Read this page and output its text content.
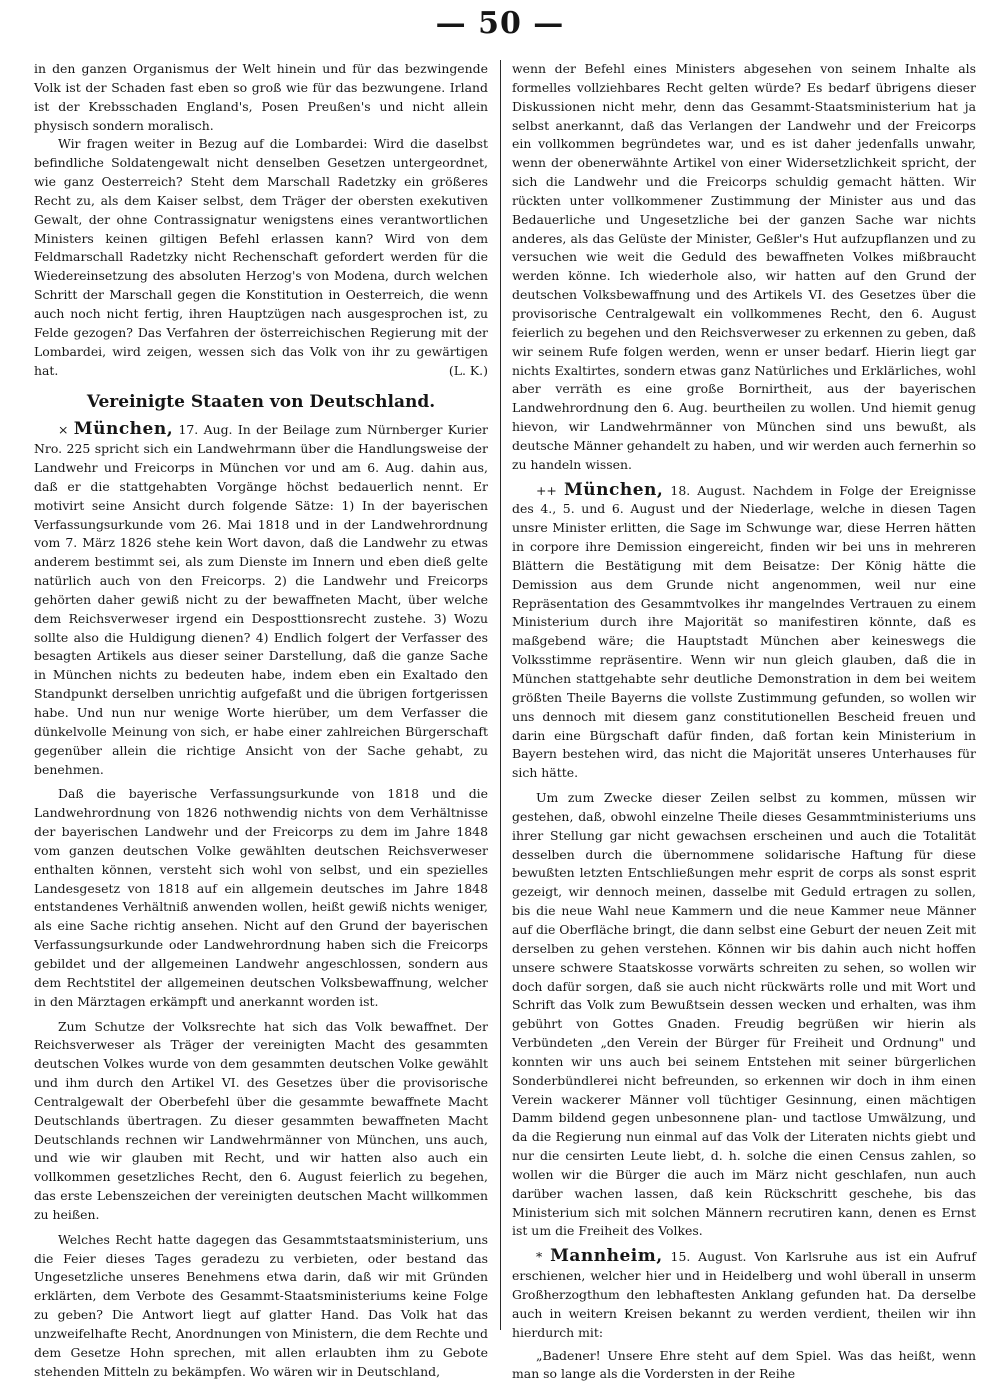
— 50 —

in den ganzen Organismus der Welt hinein und für das bezwingende Volk ist der Schaden fast eben so groß wie für das bezwungene. Irland ist der Krebsschaden England's, Posen Preußen's und nicht allein physisch sondern moralisch.

Wir fragen weiter in Bezug auf die Lombardei: Wird die daselbst befindliche Soldatengewalt nicht denselben Gesetzen untergeordnet, wie ganz Oesterreich? Steht dem Marschall Radetzky ein größeres Recht zu, als dem Kaiser selbst, dem Träger der obersten exekutiven Gewalt, der ohne Contrassignatur wenigstens eines verantwortlichen Ministers keinen giltigen Befehl erlassen kann? Wird von dem Feldmarschall Radetzky nicht Rechenschaft gefordert werden für die Wiedereinsetzung des absoluten Herzog's von Modena, durch welchen Schritt der Marschall gegen die Konstitution in Oesterreich, die wenn auch noch nicht fertig, ihren Hauptzügen nach ausgesprochen ist, zu Felde gezogen? Das Verfahren der österreichischen Regierung mit der Lombardei, wird zeigen, wessen sich das Volk von ihr zu gewärtigen hat.	(L. K.)
Vereinigte Staaten von Deutschland.

× München, 17. Aug. In der Beilage zum Nürnberger Kurier Nro. 225 spricht sich ein Landwehrmann über die Handlungsweise der Landwehr und Freicorps in München vor und am 6. Aug. dahin aus, daß er die stattgehabten Vorgänge höchst bedauerlich nennt. Er motivirt seine Ansicht durch folgende Sätze: 1) In der bayerischen Verfassungsurkunde vom 26. Mai 1818 und in der Landwehrordnung vom 7. März 1826 stehe kein Wort davon, daß die Landwehr zu etwas anderem bestimmt sei, als zum Dienste im Innern und eben dieß gelte natürlich auch von den Freicorps. 2) die Landwehr und Freicorps gehörten daher gewiß nicht zu der bewaffneten Macht, über welche dem Reichsverweser irgend ein Desposttionsrecht zustehe. 3) Wozu sollte also die Huldigung dienen? 4) Endlich folgert der Verfasser des besagten Artikels aus dieser seiner Darstellung, daß die ganze Sache in München nichts zu bedeuten habe, indem eben ein Exaltado den Standpunkt derselben unrichtig aufgefaßt und die übrigen fortgerissen habe. Und nun nur wenige Worte hierüber, um dem Verfasser die dünkelvolle Meinung von sich, er habe einer zahlreichen Bürgerschaft gegenüber allein die richtige Ansicht von der Sache gehabt, zu benehmen.

Daß die bayerische Verfassungsurkunde von 1818 und die Landwehrordnung von 1826 nothwendig nichts von dem Verhältnisse der bayerischen Landwehr und der Freicorps zu dem im Jahre 1848 vom ganzen deutschen Volke gewählten deutschen Reichsverweser enthalten können, versteht sich wohl von selbst, und ein spezielles Landesgesetz von 1818 auf ein allgemein deutsches im Jahre 1848 entstandenes Verhältniß anwenden wollen, heißt gewiß nichts weniger, als eine Sache richtig ansehen. Nicht auf den Grund der bayerischen Verfassungsurkunde oder Landwehrordnung haben sich die Freicorps gebildet und der allgemeinen Landwehr angeschlossen, sondern aus dem Rechtstitel der allgemeinen deutschen Volksbewaffnung, welcher in den Märztagen erkämpft und anerkannt worden ist.

Zum Schutze der Volksrechte hat sich das Volk bewaffnet. Der Reichsverweser als Träger der vereinigten Macht des gesammten deutschen Volkes wurde von dem gesammten deutschen Volke gewählt und ihm durch den Artikel VI. des Gesetzes über die provisorische Centralgewalt der Oberbefehl über die gesammte bewaffnete Macht Deutschlands übertragen. Zu dieser gesammten bewaffneten Macht Deutschlands rechnen wir Landwehrmänner von München, uns auch, und wie wir glauben mit Recht, und wir hatten also auch ein vollkommen gesetzliches Recht, den 6. August feierlich zu begehen, das erste Lebenszeichen der vereinigten deutschen Macht willkommen zu heißen.

Welches Recht hatte dagegen das Gesammtstaatsministerium, uns die Feier dieses Tages geradezu zu verbieten, oder bestand das Ungesetzliche unseres Benehmens etwa darin, daß wir mit Gründen erklärten, dem Verbote des Gesammt-Staatsministeriums keine Folge zu geben? Die Antwort liegt auf glatter Hand. Das Volk hat das unzweifelhafte Recht, Anordnungen von Ministern, die dem Rechte und dem Gesetze Hohn sprechen, mit allen erlaubten ihm zu Gebote stehenden Mitteln zu bekämpfen. Wo wären wir in Deutschland,

wenn der Befehl eines Ministers abgesehen von seinem Inhalte als formelles vollziehbares Recht gelten würde? Es bedarf übrigens dieser Diskussionen nicht mehr, denn das Gesammt-Staatsministerium hat ja selbst anerkannt, daß das Verlangen der Landwehr und der Freicorps ein vollkommen begründetes war, und es ist daher jedenfalls unwahr, wenn der obenerwähnte Artikel von einer Widersetzlichkeit spricht, der sich die Landwehr und die Freicorps schuldig gemacht hätten. Wir rückten unter vollkommener Zustimmung der Minister aus und das Bedauerliche und Ungesetzliche bei der ganzen Sache war nichts anderes, als das Gelüste der Minister, Geßler's Hut aufzupflanzen und zu versuchen wie weit die Geduld des bewaffneten Volkes mißbraucht werden könne. Ich wiederhole also, wir hatten auf den Grund der deutschen Volksbewaffnung und des Artikels VI. des Gesetzes über die provisorische Centralgewalt ein vollkommenes Recht, den 6. August feierlich zu begehen und den Reichsverweser zu erkennen zu geben, daß wir seinem Rufe folgen werden, wenn er unser bedarf. Hierin liegt gar nichts Exaltirtes, sondern etwas ganz Natürliches und Erklärliches, wohl aber verräth es eine große Bornirtheit, aus der bayerischen Landwehrordnung den 6. Aug. beurtheilen zu wollen. Und hiemit genug hievon, wir Landwehrmänner von München sind uns bewußt, als deutsche Männer gehandelt zu haben, und wir werden auch fernerhin so zu handeln wissen.

++ München, 18. August. Nachdem in Folge der Ereignisse des 4., 5. und 6. August und der Niederlage, welche in diesen Tagen unsre Minister erlitten, die Sage im Schwunge war, diese Herren hätten in corpore ihre Demission eingereicht, finden wir bei uns in mehreren Blättern die Bestätigung mit dem Beisatze: Der König hätte die Demission aus dem Grunde nicht angenommen, weil nur eine Repräsentation des Gesammtvolkes ihr mangelndes Vertrauen zu einem Ministerium durch ihre Majorität so manifestiren könnte, daß es maßgebend wäre; die Hauptstadt München aber keineswegs die Volksstimme repräsentire. Wenn wir nun gleich glauben, daß die in München stattgehabte sehr deutliche Demonstration in dem bei weitem größten Theile Bayerns die vollste Zustimmung gefunden, so wollen wir uns dennoch mit diesem ganz constitutionellen Bescheid freuen und darin eine Bürgschaft dafür finden, daß fortan kein Ministerium in Bayern bestehen wird, das nicht die Majorität unseres Unterhauses für sich hätte.

Um zum Zwecke dieser Zeilen selbst zu kommen, müssen wir gestehen, daß, obwohl einzelne Theile dieses Gesammtministeriums uns ihrer Stellung gar nicht gewachsen erscheinen und auch die Totalität desselben durch die übernommene solidarische Haftung für diese bewußten letzten Entschließungen mehr esprit de corps als sonst esprit gezeigt, wir dennoch meinen, dasselbe mit Geduld ertragen zu sollen, bis die neue Wahl neue Kammern und die neue Kammer neue Männer auf die Oberfläche bringt, die dann selbst eine Geburt der neuen Zeit mit derselben zu gehen verstehen. Können wir bis dahin auch nicht hoffen unsere schwere Staatskosse vorwärts schreiten zu sehen, so wollen wir doch dafür sorgen, daß sie auch nicht rückwärts rolle und mit Wort und Schrift das Volk zum Bewußtsein dessen wecken und erhalten, was ihm gebührt von Gottes Gnaden. Freudig begrüßen wir hierin als Verbündeten „den Verein der Bürger für Freiheit und Ordnung" und konnten wir uns auch bei seinem Entstehen mit seiner bürgerlichen Sonderbündlerei nicht befreunden, so erkennen wir doch in ihm einen Verein wackerer Männer voll tüchtiger Gesinnung, einen mächtigen Damm bildend gegen unbesonnene plan- und tactlose Umwälzung, und da die Regierung nun einmal auf das Volk der Literaten nichts giebt und nur die censirten Leute liebt, d. h. solche die einen Census zahlen, so wollen wir die Bürger die auch im März nicht geschlafen, nun auch darüber wachen lassen, daß kein Rückschritt geschehe, bis das Ministerium sich mit solchen Männern recrutiren kann, denen es Ernst ist um die Freiheit des Volkes.

* Mannheim, 15. August. Von Karlsruhe aus ist ein Aufruf erschienen, welcher hier und in Heidelberg und wohl überall in unserm Großherzogthum den lebhaftesten Anklang gefunden hat. Da derselbe auch in weitern Kreisen bekannt zu werden verdient, theilen wir ihn hierdurch mit:

„Badener! Unsere Ehre steht auf dem Spiel. Was das heißt, wenn man so lange als die Vordersten in der Reihe
